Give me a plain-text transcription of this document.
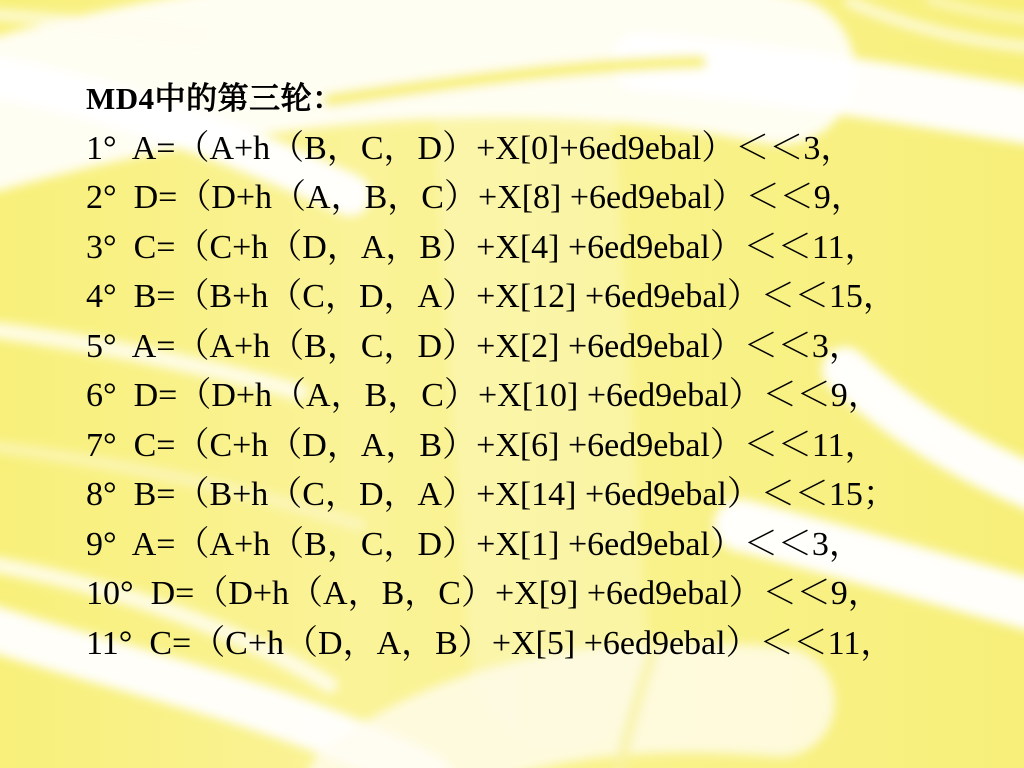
MD4中的第三轮：
1°  A=（A+h（B，C，D）+X[0]+6ed9ebal）＜＜3，
2°  D=（D+h（A，B，C）+X[8] +6ed9ebal）＜＜9，
3°  C=（C+h（D，A，B）+X[4] +6ed9ebal）＜＜11，
4°  B=（B+h（C，D，A）+X[12] +6ed9ebal）＜＜15，
5°  A=（A+h（B，C，D）+X[2] +6ed9ebal）＜＜3，
6°  D=（D+h（A，B，C）+X[10] +6ed9ebal）＜＜9，
7°  C=（C+h（D，A，B）+X[6] +6ed9ebal）＜＜11，
8°  B=（B+h（C，D，A）+X[14] +6ed9ebal）＜＜15；
9°  A=（A+h（B，C，D）+X[1] +6ed9ebal）＜＜3，
10°  D=（D+h（A，B，C）+X[9] +6ed9ebal）＜＜9，
11°  C=（C+h（D，A，B）+X[5] +6ed9ebal）＜＜11，
